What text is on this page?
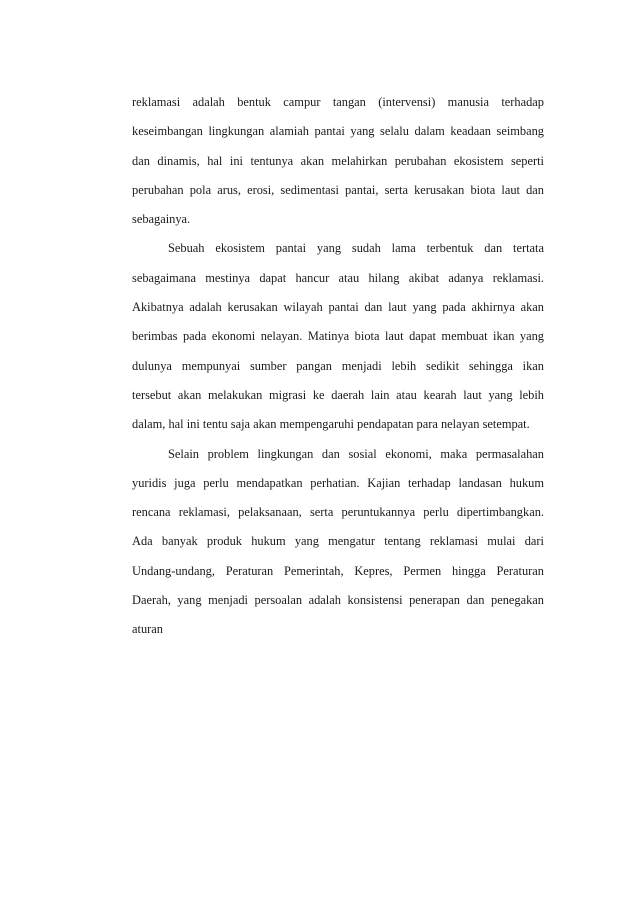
reklamasi adalah bentuk campur tangan (intervensi) manusia terhadap
keseimbangan lingkungan alamiah pantai yang selalu dalam keadaan seimbang
dan dinamis, hal ini tentunya akan melahirkan perubahan ekosistem seperti
perubahan pola arus, erosi, sedimentasi pantai, serta kerusakan biota laut dan
sebagainya.
Sebuah ekosistem pantai yang sudah lama terbentuk dan tertata
sebagaimana mestinya dapat hancur atau hilang akibat adanya reklamasi.
Akibatnya adalah kerusakan wilayah pantai dan laut yang pada akhirnya akan
berimbas pada ekonomi nelayan. Matinya biota laut dapat membuat ikan yang
dulunya mempunyai sumber pangan menjadi lebih sedikit sehingga ikan
tersebut akan melakukan migrasi ke daerah lain atau kearah laut yang lebih
dalam, hal ini tentu saja akan mempengaruhi pendapatan para nelayan setempat.
Selain problem lingkungan dan sosial ekonomi, maka permasalahan
yuridis juga perlu mendapatkan perhatian. Kajian terhadap landasan hukum
rencana reklamasi, pelaksanaan, serta peruntukannya perlu dipertimbangkan.
Ada banyak produk hukum yang mengatur tentang reklamasi mulai dari
Undang-undang, Peraturan Pemerintah, Kepres, Permen hingga Peraturan
Daerah, yang menjadi persoalan adalah konsistensi penerapan dan penegakan
aturan
